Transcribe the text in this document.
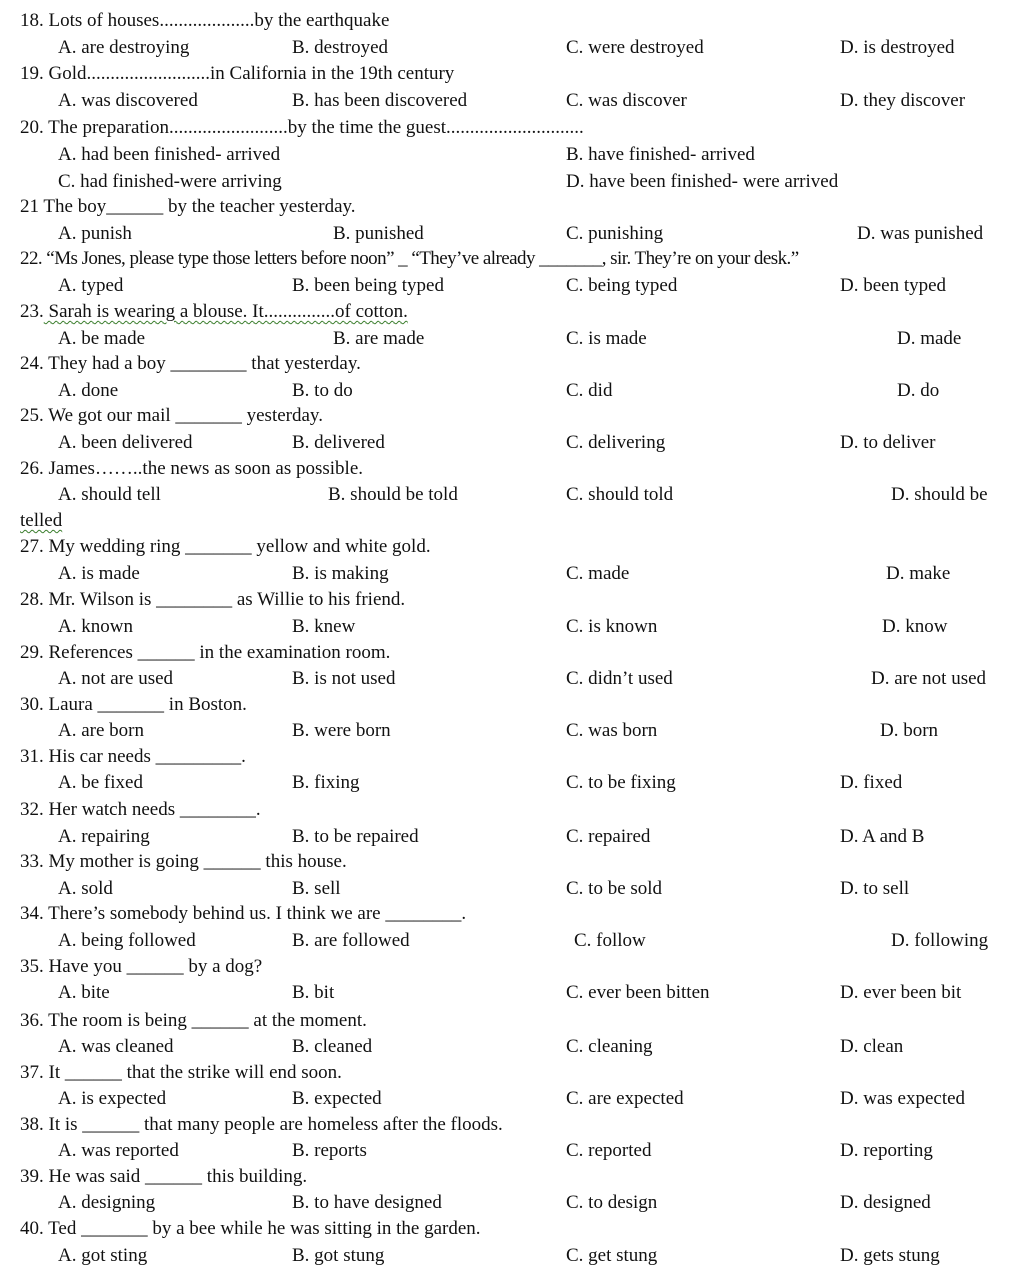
18. Lots of houses....................by the earthquake
A. are destroying	B. destroyed	C. were destroyed	D. is destroyed
19. Gold..........................in California in the 19th century
A. was discovered	B. has been discovered	C. was discover	D. they discover
20. The preparation.........................by the time the guest.............................
A. had been finished- arrived	B. have finished- arrived
C. had finished-were arriving	D. have been finished- were arrived
21 The boy______ by the teacher yesterday.
A. punish	B. punished	C. punishing	D. was punished
22. “Ms Jones, please type those letters before noon” _ “They’ve already _______, sir. They’re on your desk.”
A. typed	B. been being typed	C. being typed	D. been typed
23. Sarah is wearing a blouse. It...............of cotton.
A. be made	B. are made	C. is made	D. made
24. They had a boy ________ that yesterday.
A. done	B. to do	C. did	D. do
25. We got our mail _______ yesterday.
A. been delivered	B. delivered	C. delivering	D. to deliver
26. James……..the news as soon as possible.
A. should tell	B. should be told	C. should told	D. should be
telled
27. My wedding ring _______ yellow and white gold.
A. is made	B. is making	C. made	D. make
28. Mr. Wilson is ________ as Willie to his friend.
A. known	B. knew	C. is known	D. know
29. References ______ in the examination room.
A. not are used	B. is not used	C. didn’t used	D. are not used
30. Laura _______ in Boston.
A. are born	B. were born	C. was born	D. born
31. His car needs _________.
A. be fixed	B. fixing	C. to be fixing	D. fixed
32. Her watch needs ________.
A. repairing	B. to be repaired	C. repaired	D. A and B
33. My mother is going ______ this house.
A. sold	B. sell	C. to be sold	D. to sell
34. There’s somebody behind us. I think we are ________.
A. being followed	B. are followed	C. follow	D. following
35. Have you ______ by a dog?
A. bite	B. bit	C. ever been bitten	D. ever been bit
36. The room is being ______ at the moment.
A. was cleaned	B. cleaned	C. cleaning	D. clean
37. It ______ that the strike will end soon.
A. is expected	B. expected	C. are expected	D. was expected
38. It is ______ that many people are homeless after the floods.
A. was reported	B. reports	C. reported	D. reporting
39. He was said ______ this building.
A. designing	B. to have designed	C. to design	D. designed
40. Ted _______ by a bee while he was sitting in the garden.
A. got sting	B. got stung	C. get stung	D. gets stung
